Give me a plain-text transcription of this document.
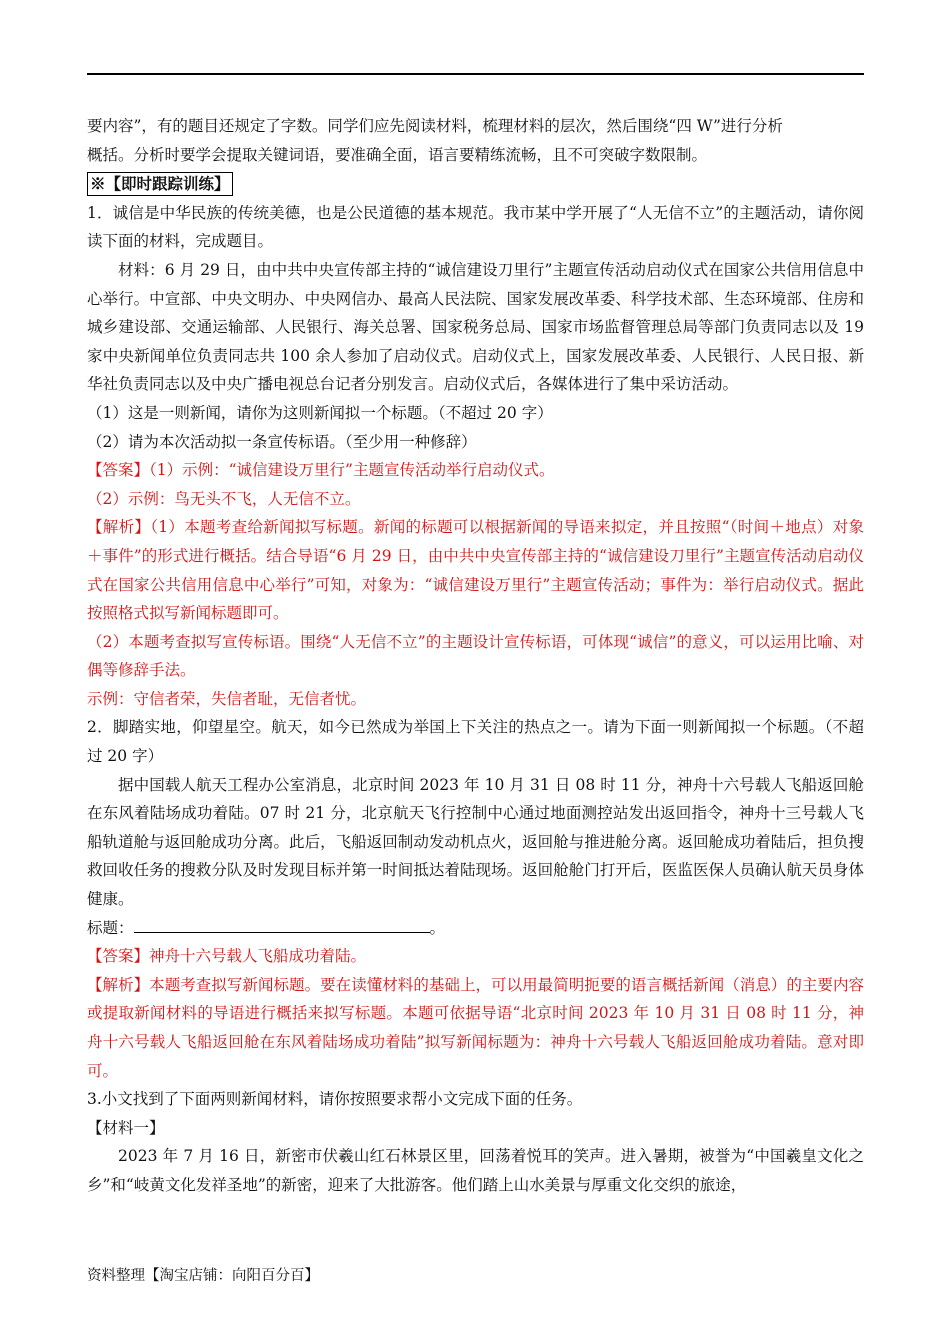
要内容”，有的题目还规定了字数。同学们应先阅读材料，梳理材料的层次，然后围绕“四 W”进行分析

概括。分析时要学会提取关键词语，要准确全面，语言要精练流畅，且不可突破字数限制。

※【即时跟踪训练】

1．诚信是中华民族的传统美德，也是公民道德的基本规范。我市某中学开展了“人无信不立”的主题活动，请你阅读下面的材料，完成题目。

材料：6 月 29 日，由中共中央宣传部主持的“诚信建设刀里行”主题宣传活动启动仪式在国家公共信用信息中心举行。中宣部、中央文明办、中央网信办、最高人民法院、国家发展改革委、科学技术部、生态环境部、住房和城乡建设部、交通运输部、人民银行、海关总署、国家税务总局、国家市场监督管理总局等部门负责同志以及 19 家中央新闻单位负责同志共 100 余人参加了启动仪式。启动仪式上，国家发展改革委、人民银行、人民日报、新华社负责同志以及中央广播电视总台记者分别发言。启动仪式后，各媒体进行了集中采访活动。

（1）这是一则新闻，请你为这则新闻拟一个标题。（不超过 20 字）

（2）请为本次活动拟一条宣传标语。（至少用一种修辞）

【答案】（1）示例：“诚信建设万里行”主题宣传活动举行启动仪式。

（2）示例：鸟无头不飞，人无信不立。

【解析】（1）本题考查给新闻拟写标题。新闻的标题可以根据新闻的导语来拟定，并且按照“（时间＋地点）对象＋事件”的形式进行概括。结合导语“6 月 29 日，由中共中央宣传部主持的“诚信建设刀里行”主题宣传活动启动仪式在国家公共信用信息中心举行”可知，对象为：“诚信建设万里行”主题宣传活动；事件为：举行启动仪式。据此按照格式拟写新闻标题即可。

（2）本题考查拟写宣传标语。围绕“人无信不立”的主题设计宣传标语，可体现“诚信”的意义，可以运用比喻、对偶等修辞手法。

示例：守信者荣，失信者耻，无信者忧。

2．脚踏实地，仰望星空。航天，如今已然成为举国上下关注的热点之一。请为下面一则新闻拟一个标题。（不超过 20 字）

据中国载人航天工程办公室消息，北京时间 2023 年 10 月 31 日 08 时 11 分，神舟十六号载人飞船返回舱在东风着陆场成功着陆。07 时 21 分，北京航天飞行控制中心通过地面测控站发出返回指令，神舟十三号载人飞船轨道舱与返回舱成功分离。此后，飞船返回制动发动机点火，返回舱与推进舱分离。返回舱成功着陆后，担负搜救回收任务的搜救分队及时发现目标并第一时间抵达着陆现场。返回舱舱门打开后，医监医保人员确认航天员身体健康。

标题：	。

【答案】神舟十六号载人飞船成功着陆。

【解析】本题考查拟写新闻标题。要在读懂材料的基础上，可以用最简明扼要的语言概括新闻（消息）的主要内容或提取新闻材料的导语进行概括来拟写标题。本题可依据导语“北京时间 2023 年 10 月 31 日 08 时 11 分，神舟十六号载人飞船返回舱在东风着陆场成功着陆”拟写新闻标题为：神舟十六号载人飞船返回舱成功着陆。意对即可。

3.小文找到了下面两则新闻材料，请你按照要求帮小文完成下面的任务。

【材料一】

2023 年 7 月 16 日，新密市伏羲山红石林景区里，回荡着悦耳的笑声。进入暑期，被誉为“中国羲皇文化之乡”和“岐黄文化发祥圣地”的新密，迎来了大批游客。他们踏上山水美景与厚重文化交织的旅途，

资料整理【淘宝店铺：向阳百分百】
